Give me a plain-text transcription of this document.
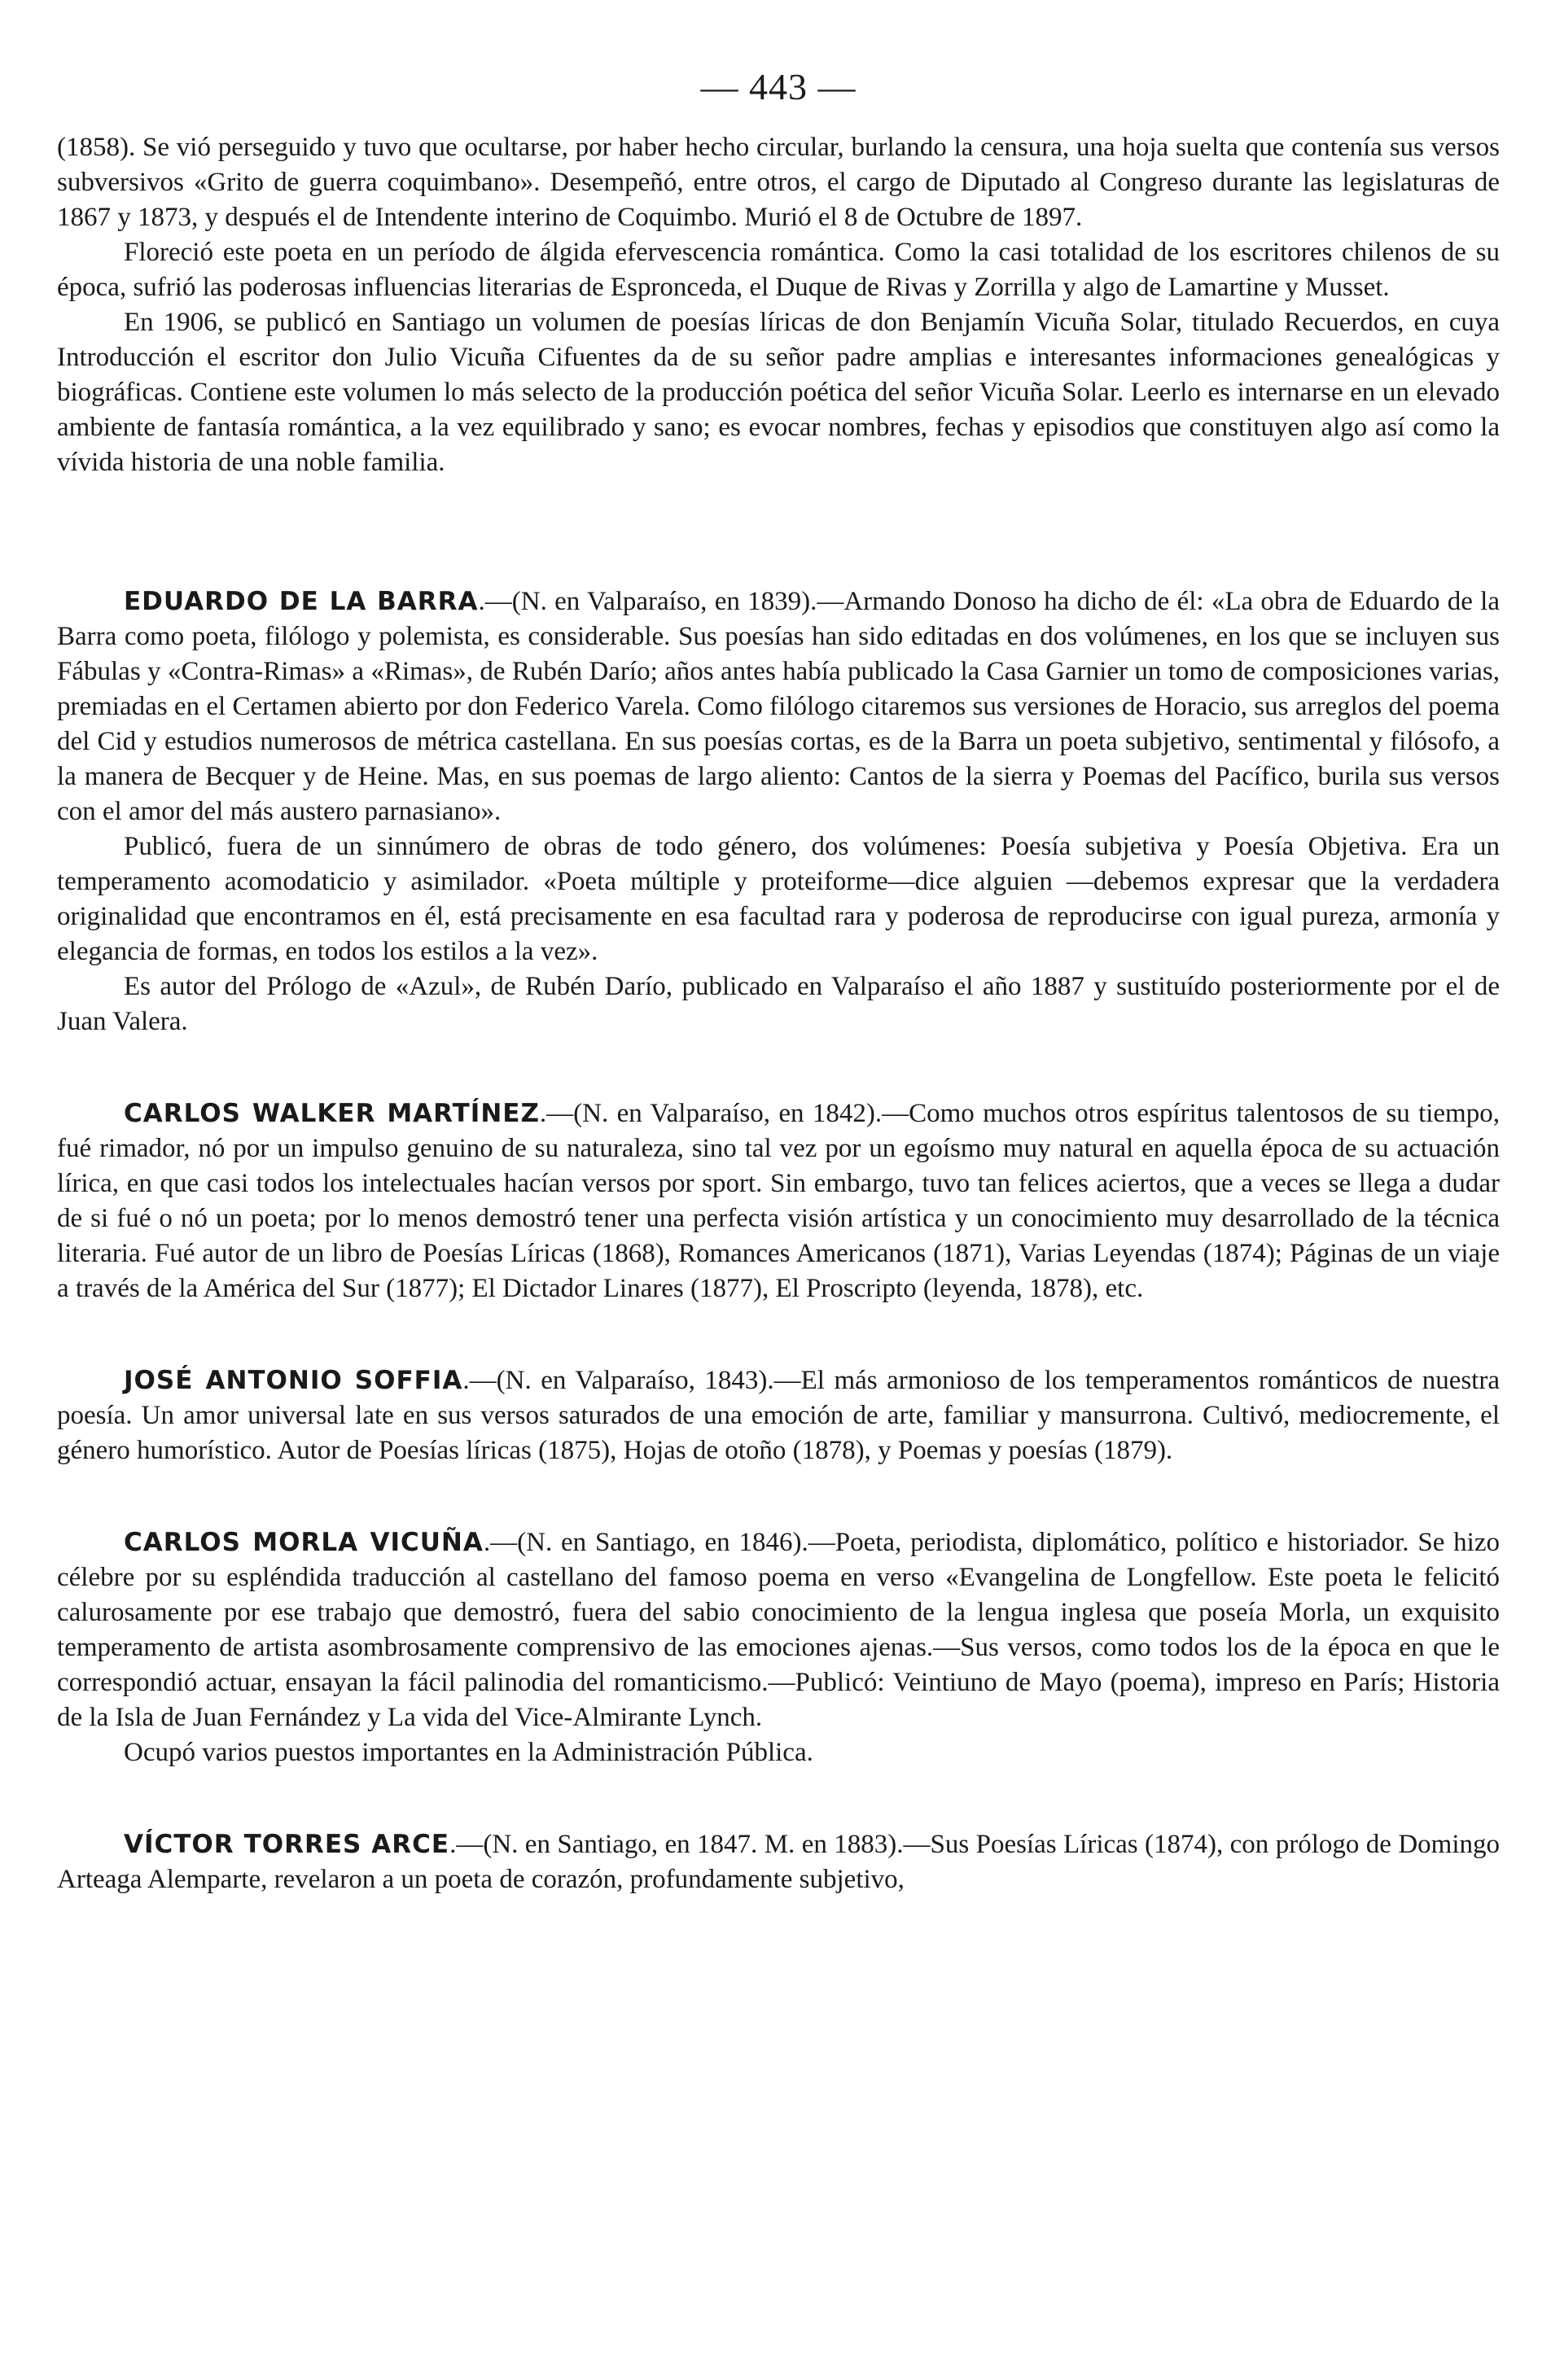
— 443 —

(1858). Se vió perseguido y tuvo que ocultarse, por haber hecho circular, burlando la censura, una hoja suelta que contenía sus versos subversivos «Grito de guerra coquimbano». Desempeñó, entre otros, el cargo de Diputado al Congreso durante las legislaturas de 1867 y 1873, y después el de Intendente interino de Coquimbo. Murió el 8 de Octubre de 1897.

Floreció este poeta en un período de álgida efervescencia romántica. Como la casi totalidad de los escritores chilenos de su época, sufrió las poderosas influencias literarias de Espronceda, el Duque de Rivas y Zorrilla y algo de Lamartine y Musset.

En 1906, se publicó en Santiago un volumen de poesías líricas de don Benjamín Vicuña Solar, titulado Recuerdos, en cuya Introducción el escritor don Julio Vicuña Cifuentes da de su señor padre amplias e interesantes informaciones genealógicas y biográficas. Contiene este volumen lo más selecto de la producción poética del señor Vicuña Solar. Leerlo es internarse en un elevado ambiente de fantasía romántica, a la vez equilibrado y sano; es evocar nombres, fechas y episodios que constituyen algo así como la vívida historia de una noble familia.

EDUARDO DE LA BARRA.—(N. en Valparaíso, en 1839).—Armando Donoso ha dicho de él: «La obra de Eduardo de la Barra como poeta, filólogo y polemista, es considerable. Sus poesías han sido editadas en dos volúmenes, en los que se incluyen sus Fábulas y «Contra-Rimas» a «Rimas», de Rubén Darío; años antes había publicado la Casa Garnier un tomo de composiciones varias, premiadas en el Certamen abierto por don Federico Varela. Como filólogo citaremos sus versiones de Horacio, sus arreglos del poema del Cid y estudios numerosos de métrica castellana. En sus poesías cortas, es de la Barra un poeta subjetivo, sentimental y filósofo, a la manera de Becquer y de Heine. Mas, en sus poemas de largo aliento: Cantos de la sierra y Poemas del Pacífico, burila sus versos con el amor del más austero parnasiano».

Publicó, fuera de un sinnúmero de obras de todo género, dos volúmenes: Poesía subjetiva y Poesía Objetiva. Era un temperamento acomodaticio y asimilador. «Poeta múltiple y proteiforme—dice alguien —debemos expresar que la verdadera originalidad que encontramos en él, está precisamente en esa facultad rara y poderosa de reproducirse con igual pureza, armonía y elegancia de formas, en todos los estilos a la vez».

Es autor del Prólogo de «Azul», de Rubén Darío, publicado en Valparaíso el año 1887 y sustituído posteriormente por el de Juan Valera.

CARLOS WALKER MARTÍNEZ.—(N. en Valparaíso, en 1842).—Como muchos otros espíritus talentosos de su tiempo, fué rimador, nó por un impulso genuino de su naturaleza, sino tal vez por un egoísmo muy natural en aquella época de su actuación lírica, en que casi todos los intelectuales hacían versos por sport. Sin embargo, tuvo tan felices aciertos, que a veces se llega a dudar de si fué o nó un poeta; por lo menos demostró tener una perfecta visión artística y un conocimiento muy desarrollado de la técnica literaria. Fué autor de un libro de Poesías Líricas (1868), Romances Americanos (1871), Varias Leyendas (1874); Páginas de un viaje a través de la América del Sur (1877); El Dictador Linares (1877), El Proscripto (leyenda, 1878), etc.

JOSÉ ANTONIO SOFFIA.—(N. en Valparaíso, 1843).—El más armonioso de los temperamentos románticos de nuestra poesía. Un amor universal late en sus versos saturados de una emoción de arte, familiar y mansurrona. Cultivó, mediocremente, el género humorístico. Autor de Poesías líricas (1875), Hojas de otoño (1878), y Poemas y poesías (1879).

CARLOS MORLA VICUÑA.—(N. en Santiago, en 1846).—Poeta, periodista, diplomático, político e historiador. Se hizo célebre por su espléndida traducción al castellano del famoso poema en verso «Evangelina de Longfellow. Este poeta le felicitó calurosamente por ese trabajo que demostró, fuera del sabio conocimiento de la lengua inglesa que poseía Morla, un exquisito temperamento de artista asombrosamente comprensivo de las emociones ajenas.—Sus versos, como todos los de la época en que le correspondió actuar, ensayan la fácil palinodia del romanticismo.—Publicó: Veintiuno de Mayo (poema), impreso en París; Historia de la Isla de Juan Fernández y La vida del Vice-Almirante Lynch.

Ocupó varios puestos importantes en la Administración Pública.

VÍCTOR TORRES ARCE.—(N. en Santiago, en 1847. M. en 1883).—Sus Poesías Líricas (1874), con prólogo de Domingo Arteaga Alemparte, revelaron a un poeta de corazón, profundamente subjetivo,
